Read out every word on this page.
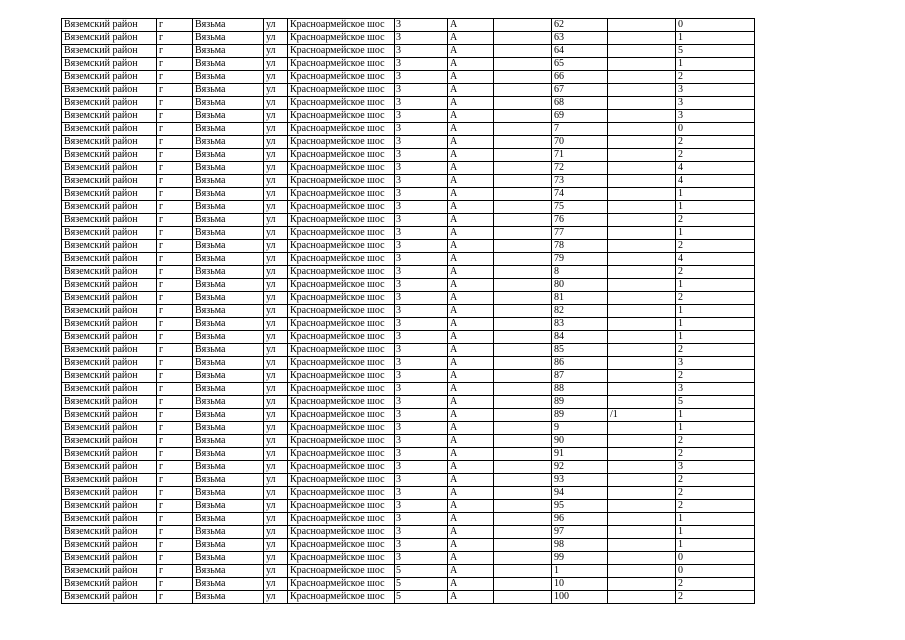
Вяземский район	г	Вязьма	ул	Красноармейское шос	3	А		62		0
Вяземский район	г	Вязьма	ул	Красноармейское шос	3	А		63		1
Вяземский район	г	Вязьма	ул	Красноармейское шос	3	А		64		5
Вяземский район	г	Вязьма	ул	Красноармейское шос	3	А		65		1
Вяземский район	г	Вязьма	ул	Красноармейское шос	3	А		66		2
Вяземский район	г	Вязьма	ул	Красноармейское шос	3	А		67		3
Вяземский район	г	Вязьма	ул	Красноармейское шос	3	А		68		3
Вяземский район	г	Вязьма	ул	Красноармейское шос	3	А		69		3
Вяземский район	г	Вязьма	ул	Красноармейское шос	3	А		7		0
Вяземский район	г	Вязьма	ул	Красноармейское шос	3	А		70		2
Вяземский район	г	Вязьма	ул	Красноармейское шос	3	А		71		2
Вяземский район	г	Вязьма	ул	Красноармейское шос	3	А		72		4
Вяземский район	г	Вязьма	ул	Красноармейское шос	3	А		73		4
Вяземский район	г	Вязьма	ул	Красноармейское шос	3	А		74		1
Вяземский район	г	Вязьма	ул	Красноармейское шос	3	А		75		1
Вяземский район	г	Вязьма	ул	Красноармейское шос	3	А		76		2
Вяземский район	г	Вязьма	ул	Красноармейское шос	3	А		77		1
Вяземский район	г	Вязьма	ул	Красноармейское шос	3	А		78		2
Вяземский район	г	Вязьма	ул	Красноармейское шос	3	А		79		4
Вяземский район	г	Вязьма	ул	Красноармейское шос	3	А		8		2
Вяземский район	г	Вязьма	ул	Красноармейское шос	3	А		80		1
Вяземский район	г	Вязьма	ул	Красноармейское шос	3	А		81		2
Вяземский район	г	Вязьма	ул	Красноармейское шос	3	А		82		1
Вяземский район	г	Вязьма	ул	Красноармейское шос	3	А		83		1
Вяземский район	г	Вязьма	ул	Красноармейское шос	3	А		84		1
Вяземский район	г	Вязьма	ул	Красноармейское шос	3	А		85		2
Вяземский район	г	Вязьма	ул	Красноармейское шос	3	А		86		3
Вяземский район	г	Вязьма	ул	Красноармейское шос	3	А		87		2
Вяземский район	г	Вязьма	ул	Красноармейское шос	3	А		88		3
Вяземский район	г	Вязьма	ул	Красноармейское шос	3	А		89		5
Вяземский район	г	Вязьма	ул	Красноармейское шос	3	А		89	/1	1
Вяземский район	г	Вязьма	ул	Красноармейское шос	3	А		9		1
Вяземский район	г	Вязьма	ул	Красноармейское шос	3	А		90		2
Вяземский район	г	Вязьма	ул	Красноармейское шос	3	А		91		2
Вяземский район	г	Вязьма	ул	Красноармейское шос	3	А		92		3
Вяземский район	г	Вязьма	ул	Красноармейское шос	3	А		93		2
Вяземский район	г	Вязьма	ул	Красноармейское шос	3	А		94		2
Вяземский район	г	Вязьма	ул	Красноармейское шос	3	А		95		2
Вяземский район	г	Вязьма	ул	Красноармейское шос	3	А		96		1
Вяземский район	г	Вязьма	ул	Красноармейское шос	3	А		97		1
Вяземский район	г	Вязьма	ул	Красноармейское шос	3	А		98		1
Вяземский район	г	Вязьма	ул	Красноармейское шос	3	А		99		0
Вяземский район	г	Вязьма	ул	Красноармейское шос	5	А		1		0
Вяземский район	г	Вязьма	ул	Красноармейское шос	5	А		10		2
Вяземский район	г	Вязьма	ул	Красноармейское шос	5	А		100		2
